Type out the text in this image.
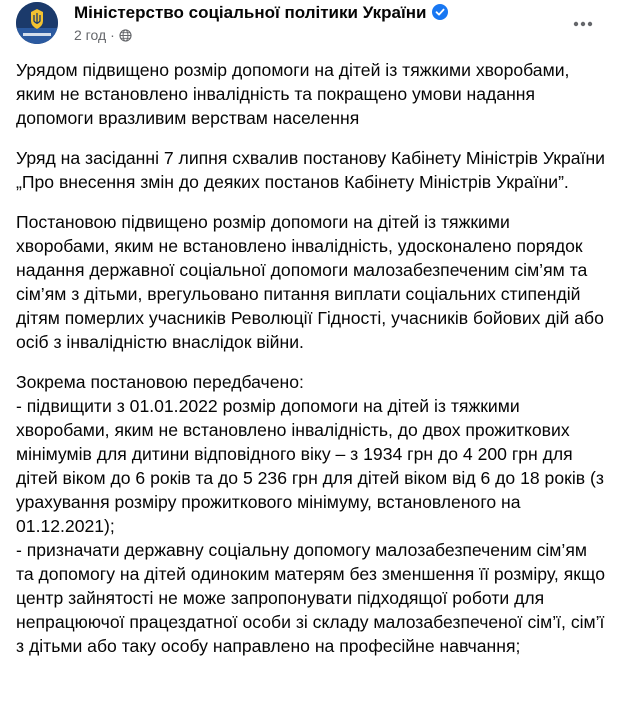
Міністерство соціальної політики України
2 год ·

Урядом підвищено розмір допомоги на дітей із тяжкими хворобами, яким не встановлено інвалідність та покращено умови надання допомоги вразливим верствам населення

Уряд на засіданні 7 липня схвалив постанову Кабінету Міністрів України „Про внесення змін до деяких постанов Кабінету Міністрів України”.

Постановою підвищено розмір допомоги на дітей із тяжкими хворобами, яким не встановлено інвалідність, удосконалено порядок надання державної соціальної допомоги малозабезпеченим сім’ям та сім’ям з дітьми, врегульовано питання виплати соціальних стипендій дітям померлих учасників Революції Гідності, учасників бойових дій або осіб з інвалідністю внаслідок війни.

Зокрема постановою передбачено:
- підвищити з 01.01.2022 розмір допомоги на дітей із тяжкими хворобами, яким не встановлено інвалідність, до двох прожиткових мінімумів для дитини відповідного віку – з 1934 грн до 4 200 грн для дітей віком до 6 років та до 5 236 грн для дітей віком від 6 до 18 років (з урахування розміру прожиткового мінімуму, встановленого на 01.12.2021);
- призначати державну соціальну допомогу малозабезпеченим сім’ям та допомогу на дітей одиноким матерям без зменшення її розміру, якщо центр зайнятості не може запропонувати підходящої роботи для непрацюючої працездатної особи зі складу малозабезпеченої сім’ї, сім’ї з дітьми або таку особу направлено на професійне навчання;
